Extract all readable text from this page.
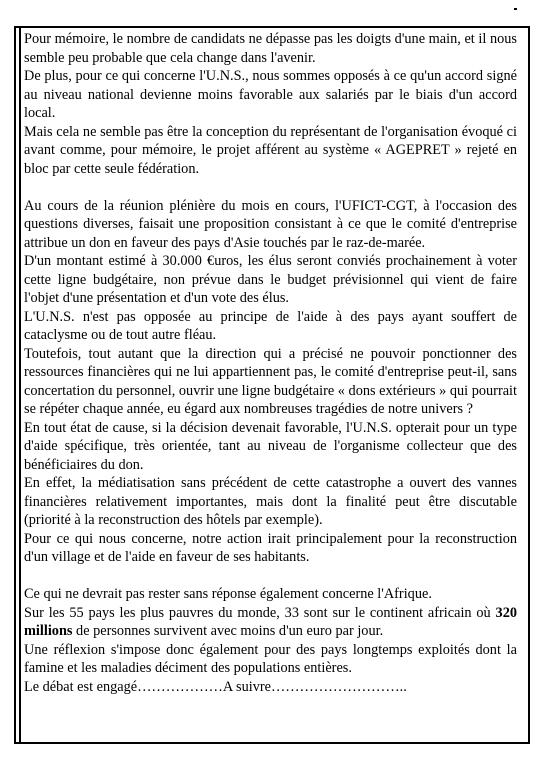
Pour mémoire, le nombre de candidats ne dépasse pas les doigts d'une main, et il nous semble peu probable que cela change dans l'avenir.

De plus, pour ce qui concerne l'U.N.S., nous sommes opposés à ce qu'un accord signé au niveau national devienne moins favorable aux salariés par le biais d'un accord local.

Mais cela ne semble pas être la conception du représentant de l'organisation évoqué ci avant comme, pour mémoire, le projet afférent au système « AGEPRET » rejeté en bloc par cette seule fédération.

Au cours de la réunion plénière du mois en cours, l'UFICT-CGT, à l'occasion des questions diverses, faisait une proposition consistant à ce que le comité d'entreprise attribue un don en faveur des pays d'Asie touchés par le raz-de-marée.

D'un montant estimé à 30.000 €uros, les élus seront conviés prochainement à voter cette ligne budgétaire, non prévue dans le budget prévisionnel qui vient de faire l'objet d'une présentation et d'un vote des élus.

L'U.N.S. n'est pas opposée au principe de l'aide à des pays ayant souffert de cataclysme ou de tout autre fléau.

Toutefois, tout autant que la direction qui a précisé ne pouvoir ponctionner des ressources financières qui ne lui appartiennent pas, le comité d'entreprise peut-il, sans concertation du personnel, ouvrir une ligne budgétaire « dons extérieurs » qui pourrait se répéter chaque année, eu égard aux nombreuses tragédies de notre univers ?

En tout état de cause, si la décision devenait favorable, l'U.N.S. opterait pour un type d'aide spécifique, très orientée, tant au niveau de l'organisme collecteur que des bénéficiaires du don.

En effet, la médiatisation sans précédent de cette catastrophe a ouvert des vannes financières relativement importantes, mais dont la finalité peut être discutable (priorité à la reconstruction des hôtels par exemple).

Pour ce qui nous concerne, notre action irait principalement pour la reconstruction d'un village et de l'aide en faveur de ses habitants.

Ce qui ne devrait pas rester sans réponse également concerne l'Afrique.

Sur les 55 pays les plus pauvres du monde, 33 sont sur le continent africain où 320 millions de personnes survivent avec moins d'un euro par jour.

Une réflexion s'impose donc également pour des pays longtemps exploités dont la famine et les maladies déciment des populations entières.

Le débat est engagé………………A suivre………………………..
